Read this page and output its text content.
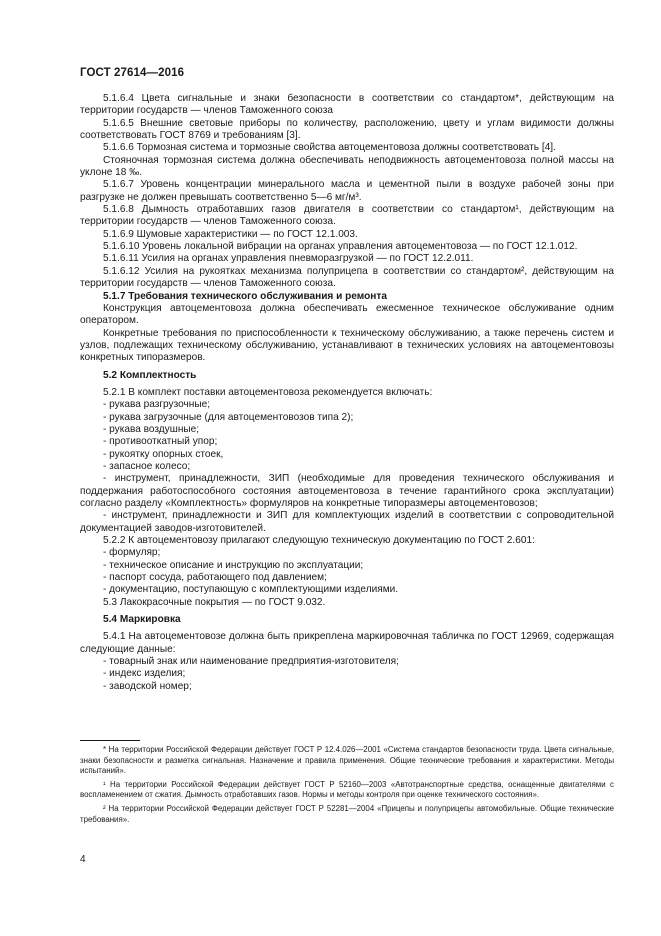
ГОСТ 27614—2016

5.1.6.4 Цвета сигнальные и знаки безопасности в соответствии со стандартом*, действующим на территории государств — членов Таможенного союза

5.1.6.5 Внешние световые приборы по количеству, расположению, цвету и углам видимости должны соответствовать ГОСТ 8769 и требованиям [3].

5.1.6.6 Тормозная система и тормозные свойства автоцементовоза должны соответствовать [4].

Стояночная тормозная система должна обеспечивать неподвижность автоцементовоза полной массы на уклоне 18 ‰.

5.1.6.7 Уровень концентрации минерального масла и цементной пыли в воздухе рабочей зоны при разгрузке не должен превышать соответственно 5—6 мг/м³.

5.1.6.8 Дымность отработавших газов двигателя в соответствии со стандартом¹, действующим на территории государств — членов Таможенного союза.

5.1.6.9 Шумовые характеристики — по ГОСТ 12.1.003.

5.1.6.10 Уровень локальной вибрации на органах управления автоцементовоза — по ГОСТ 12.1.012.

5.1.6.11 Усилия на органах управления пневморазгрузкой — по ГОСТ 12.2.011.

5.1.6.12 Усилия на рукоятках механизма полуприцепа в соответствии со стандартом², действующим на территории государств — членов Таможенного союза.

5.1.7 Требования технического обслуживания и ремонта

Конструкция автоцементовоза должна обеспечивать ежесменное техническое обслуживание одним оператором.

Конкретные требования по приспособленности к техническому обслуживанию, а также перечень систем и узлов, подлежащих техническому обслуживанию, устанавливают в технических условиях на автоцементовозы конкретных типоразмеров.

5.2 Комплектность

5.2.1 В комплект поставки автоцементовоза рекомендуется включать:

- рукава разгрузочные;

- рукава загрузочные (для автоцементовозов типа 2);

- рукава воздушные;

- противооткатный упор;

- рукоятку опорных стоек,

- запасное колесо;

- инструмент, принадлежности, ЗИП (необходимые для проведения технического обслуживания и поддержания работоспособного состояния автоцементовоза в течение гарантийного срока эксплуатации) согласно разделу «Комплектность» формуляров на конкретные типоразмеры автоцементовозов;

- инструмент, принадлежности и ЗИП для комплектующих изделий в соответствии с сопроводительной документацией заводов-изготовителей.

5.2.2 К автоцементовозу прилагают следующую техническую документацию по ГОСТ 2.601:

- формуляр;

- техническое описание и инструкцию по эксплуатации;

- паспорт сосуда, работающего под давлением;

- документацию, поступающую с комплектующими изделиями.

5.3 Лакокрасочные покрытия — по ГОСТ 9.032.

5.4 Маркировка

5.4.1 На автоцементовозе должна быть прикреплена маркировочная табличка по ГОСТ 12969, содержащая следующие данные:

- товарный знак или наименование предприятия-изготовителя;

- индекс изделия;

- заводской номер;

* На территории Российской Федерации действует ГОСТ Р 12.4.026—2001 «Система стандартов безопасности труда. Цвета сигнальные, знаки безопасности и разметка сигнальная. Назначение и правила применения. Общие технические требования и характеристики. Методы испытаний».

¹ На территории Российской Федерации действует ГОСТ Р 52160—2003 «Автотранспортные средства, оснащенные двигателями с воспламенением от сжатия. Дымность отработавших газов. Нормы и методы контроля при оценке технического состояния».

² На территории Российской Федерации действует ГОСТ Р 52281—2004 «Прицепы и полуприцепы автомобильные. Общие технические требования».

4
